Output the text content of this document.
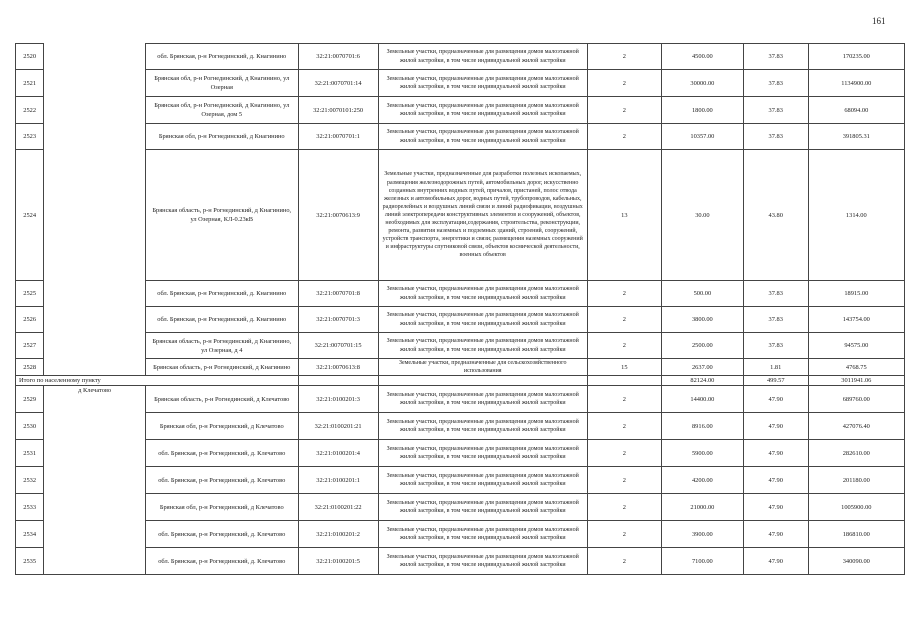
161
2520		обл. Брянская, р-н Рогнединский, д. Кнагинино	32:21:0070701:6	Земельные участки, предназначенные для размещения домов малоэтажной жилой застройки, в том числе индивидуальной жилой застройки	2	4500.00	37.83	170235.00
2521		Брянская обл, р-н Рогнединский, д Кнагинино, ул Озерная	32:21:0070701:14	Земельные участки, предназначенные для размещения домов малоэтажной жилой застройки, в том числе индивидуальной жилой застройки	2	30000.00	37.83	1134900.00
2522		Брянская обл, р-н Рогнединский, д Кнагинино, ул Озерная, дом 5	32:21:0070101:250	Земельные участки, предназначенные для размещения домов малоэтажной жилой застройки, в том числе индивидуальной жилой застройки	2	1800.00	37.83	68094.00
2523		Брянская обл, р-н Рогнединский, д Кнагинино	32:21:0070701:1	Земельные участки, предназначенные для размещения домов малоэтажной жилой застройки, в том числе индивидуальной жилой застройки	2	10357.00	37.83	391805.31
2524		Брянская область, р-н Рогнединский, д Кнагинино, ул Озерная, КЛ-0.23кВ	32:21:0070613:9	Земельные участки, предназначенные для разработки полезных ископаемых, размещения железнодорожных путей, автомобильных дорог, искусственно созданных внутренних водных путей, причалов, пристаней, полос отвода железных и автомобильных дорог, водных путей, трубопроводов, кабельных, радиорелейных и воздушных линий связи и линий радиофикации, воздушных линий электропередачи конструктивных элементов и сооружений, объектов, необходимых для эксплуатации,содержания, строительства, реконструкции, ремонта, развития наземных и подземных зданий, строений, сооружений, устройств транспорта, энергетики и связи; размещения наземных сооружений и инфраструктуры спутниковой связи, объектов космической деятельности, военных объектов	13	30.00	43.80	1314.00
2525		обл. Брянская, р-н Рогнединский, д. Кнагинино	32:21:0070701:8	Земельные участки, предназначенные для размещения домов малоэтажной жилой застройки, в том числе индивидуальной жилой застройки	2	500.00	37.83	18915.00
2526		обл. Брянская, р-н Рогнединский, д. Кнагинино	32:21:0070701:3	Земельные участки, предназначенные для размещения домов малоэтажной жилой застройки, в том числе индивидуальной жилой застройки	2	3800.00	37.83	143754.00
2527		Брянская область, р-н Рогнединский, д Кнагинино, ул Озерная, д 4	32:21:0070701:15	Земельные участки, предназначенные для размещения домов малоэтажной жилой застройки, в том числе индивидуальной жилой застройки	2	2500.00	37.83	94575.00
2528		Брянская область, р-н Рогнединский, д Кнагинино	32:21:0070613:8	Земельные участки, предназначенные для сельскохозяйственного использования	15	2637.00	1.81	4768.75
Итого по населенному пункту						82124.00	499.57	3011941.06
2529	д Клечатово	Брянская область, р-н Рогнединский, д Клечатово	32:21:0100201:3	Земельные участки, предназначенные для размещения домов малоэтажной жилой застройки, в том числе индивидуальной жилой застройки	2	14400.00	47.90	689760.00
2530		Брянская обл, р-н Рогнединский, д Клечатово	32:21:0100201:21	Земельные участки, предназначенные для размещения домов малоэтажной жилой застройки, в том числе индивидуальной жилой застройки	2	8916.00	47.90	427076.40
2531		обл. Брянская, р-н Рогнединский, д. Клечатово	32:21:0100201:4	Земельные участки, предназначенные для размещения домов малоэтажной жилой застройки, в том числе индивидуальной жилой застройки	2	5900.00	47.90	282610.00
2532		обл. Брянская, р-н Рогнединский, д. Клечатово	32:21:0100201:1	Земельные участки, предназначенные для размещения домов малоэтажной жилой застройки, в том числе индивидуальной жилой застройки	2	4200.00	47.90	201180.00
2533		Брянская обл, р-н Рогнединский, д Клечатово	32:21:0100201:22	Земельные участки, предназначенные для размещения домов малоэтажной жилой застройки, в том числе индивидуальной жилой застройки	2	21000.00	47.90	1005900.00
2534		обл. Брянская, р-н Рогнединский, д. Клечатово	32:21:0100201:2	Земельные участки, предназначенные для размещения домов малоэтажной жилой застройки, в том числе индивидуальной жилой застройки	2	3900.00	47.90	186810.00
2535		обл. Брянская, р-н Рогнединский, д. Клечатово	32:21:0100201:5	Земельные участки, предназначенные для размещения домов малоэтажной жилой застройки, в том числе индивидуальной жилой застройки	2	7100.00	47.90	340090.00
